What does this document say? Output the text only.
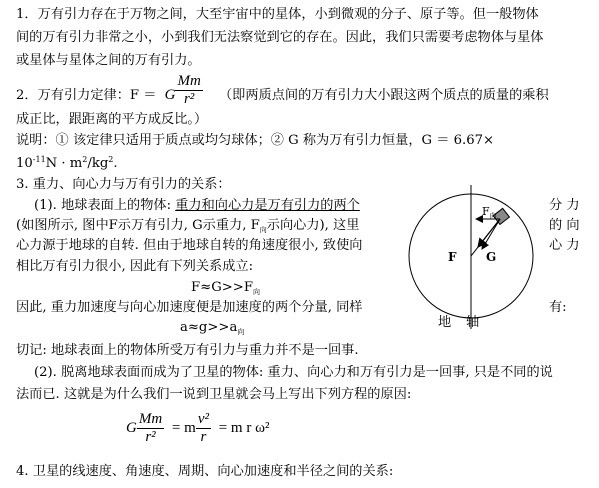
1．万有引力存在于万物之间，大至宇宙中的星体，小到微观的分子、原子等。但一般物体
间的万有引力非常之小，小到我们无法察觉到它的存在。因此，我们只需要考虑物体与星体
或星体与星体之间的万有引力。
2．万有引力定律：F ＝ G $\frac{Mm}{\text{r²}}$ （即两质点间的万有引力大小跟这两个质点的质量的乘积
成正比，跟距离的平方成反比。）
说明：① 该定律只适用于质点或均匀球体；② G 称为万有引力恒量，G ＝ 6.67×
$10^{-11}N \cdot m^2/kg^2$.
3. 重力、向心力与万有引力的关系：
(1). 地球表面上的物体: 重力和向心力是万有引力的两个	分 力
(如图所示, 图中F示万有引力, G示重力, $F_向$示向心力), 这里	的 向
心力源于地球的自转. 但由于地球自转的角速度很小, 致使向	心 力
相比万有引力很小, 因此有下列关系成立:
$F\approx G>>F_向$
因此, 重力加速度与向心加速度便是加速度的两个分量, 同样	有:
$a\approx g>>a_向$
$F_向$
F G
地 轴
切记: 地球表面上的物体所受万有引力与重力并不是一回事.
(2). 脱离地球表面而成为了卫星的物体: 重力、向心力和万有引力是一回事, 只是不同的说
法而已. 这就是为什么我们一说到卫星就会马上写出下列方程的原因:
G $\frac{Mm}{\text{r²}} = m \frac{\text{v²}}{r} = m$ r ω²
4. 卫星的线速度、角速度、周期、向心加速度和半径之间的关系:
